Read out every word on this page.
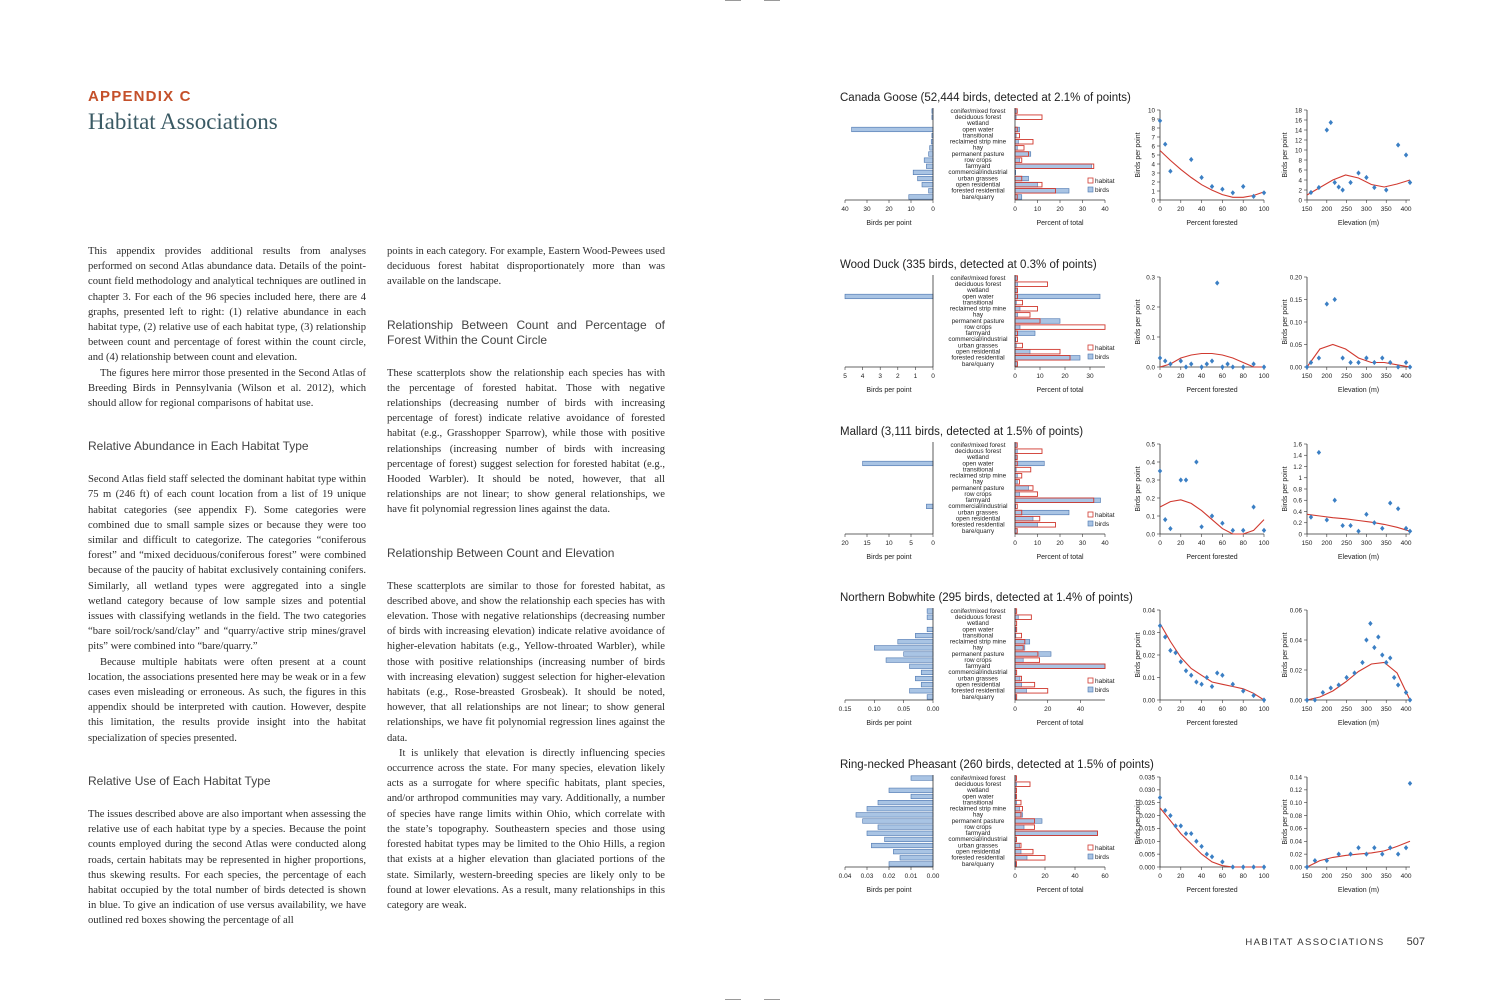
APPENDIX C
Habitat Associations

This appendix provides additional results from analyses performed on second Atlas abundance data. Details of the point-count field methodology and analytical techniques are outlined in chapter 3. For each of the 96 species included here, there are 4 graphs, presented left to right: (1) relative abundance in each habitat type, (2) relative use of each habitat type, (3) relationship between count and percentage of forest within the count circle, and (4) relationship between count and elevation.

The figures here mirror those presented in the Second Atlas of Breeding Birds in Pennsylvania (Wilson et al. 2012), which should allow for regional comparisons of habitat use.

Relative Abundance in Each Habitat Type

Second Atlas field staff selected the dominant habitat type within 75 m (246 ft) of each count location from a list of 19 unique habitat categories (see appendix F). Some categories were combined due to small sample sizes or because they were too similar and difficult to categorize. The categories “coniferous forest” and “mixed deciduous/coniferous forest” were combined because of the paucity of habitat exclusively containing conifers. Similarly, all wetland types were aggregated into a single wetland category because of low sample sizes and potential issues with classifying wetlands in the field. The two categories “bare soil/rock/sand/clay” and “quarry/active strip mines/gravel pits” were combined into “bare/quarry.”

Because multiple habitats were often present at a count location, the associations presented here may be weak or in a few cases even misleading or erroneous. As such, the figures in this appendix should be interpreted with caution. However, despite this limitation, the results provide insight into the habitat specialization of species presented.

Relative Use of Each Habitat Type

The issues described above are also important when assessing the relative use of each habitat type by a species. Because the point counts employed during the second Atlas were conducted along roads, certain habitats may be represented in higher proportions, thus skewing results. For each species, the percentage of each habitat occupied by the total number of birds detected is shown in blue. To give an indication of use versus availability, we have outlined red boxes showing the percentage of all

points in each category. For example, Eastern Wood-Pewees used deciduous forest habitat disproportionately more than was available on the landscape.

Relationship Between Count and Percentage of Forest Within the Count Circle

These scatterplots show the relationship each species has with the percentage of forested habitat. Those with negative relationships (decreasing number of birds with increasing percentage of forest) indicate relative avoidance of forested habitat (e.g., Grasshopper Sparrow), while those with positive relationships (increasing number of birds with increasing percentage of forest) suggest selection for forested habitat (e.g., Hooded Warbler). It should be noted, however, that all relationships are not linear; to show general relationships, we have fit polynomial regression lines against the data.

Relationship Between Count and Elevation

These scatterplots are similar to those for forested habitat, as described above, and show the relationship each species has with elevation. Those with negative relationships (decreasing number of birds with increasing elevation) indicate relative avoidance of higher-elevation habitats (e.g., Yellow-throated Warbler), while those with positive relationships (increasing number of birds with increasing elevation) suggest selection for higher-elevation habitats (e.g., Rose-breasted Grosbeak). It should be noted, however, that all relationships are not linear; to show general relationships, we have fit polynomial regression lines against the data.

It is unlikely that elevation is directly influencing species occurrence across the state. For many species, elevation likely acts as a surrogate for where specific habitats, plant species, and/or arthropod communities may vary. Additionally, a number of species have range limits within Ohio, which correlate with the state’s topography. Southeastern species and those using forested habitat types may be limited to the Ohio Hills, a region that exists at a higher elevation than glaciated portions of the state. Similarly, western-breeding species are likely only to be found at lower elevations. As a result, many relationships in this category are weak.

Canada Goose (52,444 birds, detected at 2.1% of points)
40 30 20 10	0
Birds per point
conifer/mixed forest
deciduous forest
wetland
open water
transitional
reclaimed strip mine
hay
permanent pasture
row crops
farmyard
commercial/industrial
urban grasses
open residential
forested residential
bare/quarry
0	10 20 30 40
Percent of total
habitat
birds
0
1
2
3
4
5
6
7
8
9
10
0 20 40 60 80 100
Percent forested
Birds per point
0
2
4
6
8
10
12
14
16
18
150 200 250 300 350 400
Elevation (m)
Birds per point
Wood Duck (335 birds, detected at 0.3% of points)
5 4 3 2 1 0
Birds per point
conifer/mixed forest
deciduous forest
wetland
open water
transitional
reclaimed strip mine
hay
permanent pasture
row crops
farmyard
commercial/industrial
urban grasses
open residential
forested residential
bare/quarry
0	10	20	30
Percent of total
habitat
birds
0.0
0.1
0.2
0.3
0 20 40 60 80 100
Percent forested
Birds per point
0.00
0.05
0.10
0.15
0.20
150 200 250 300 350 400
Elevation (m)
Birds per point
Mallard (3,111 birds, detected at 1.5% of points)
20 15 10	5	0
Birds per point
conifer/mixed forest
deciduous forest
wetland
open water
transitional
reclaimed strip mine
hay
permanent pasture
row crops
farmyard
commercial/industrial
urban grasses
open residential
forested residential
bare/quarry
0	10 20 30 40
Percent of total
habitat
birds
0.0
0.1
0.2
0.3
0.4
0.5
0 20 40 60 80 100
Percent forested
Birds per point
0
0.2
0.4
0.6
0.8
1
1.2
1.4
1.6
150 200 250 300 350 400
Elevation (m)
Birds per point
Northern Bobwhite (295 birds, detected at 1.4% of points)
0.15	0.10	0.05	0.00
Birds per point
conifer/mixed forest
deciduous forest
wetland
open water
transitional
reclaimed strip mine
hay
permanent pasture
row crops
farmyard
commercial/industrial
urban grasses
open residential
forested residential
bare/quarry
0	20	40
Percent of total
habitat
birds
0.00
0.01
0.02
0.03
0.04
0 20 40 60 80 100
Percent forested
Birds per point
0.00
0.02
0.04
0.06
150 200 250 300 350 400
Elevation (m)
Birds per point
Ring-necked Pheasant (260 birds, detected at 1.5% of points)
0.04 0.03 0.02 0.01 0.00
Birds per point
conifer/mixed forest
deciduous forest
wetland
open water
transitional
reclaimed strip mine
hay
permanent pasture
row crops
farmyard
commercial/industrial
urban grasses
open residential
forested residential
bare/quarry
0	20	40	60
Percent of total
habitat
birds
0.000
0.005
0.010
0.015
0.020
0.025
0.030
0.035
0 20 40 60 80 100
Percent forested
Birds per point
0.00
0.02
0.04
0.06
0.08
0.10
0.12
0.14
150 200 250 300 350 400
Elevation (m)
Birds per point
HABITAT ASSOCIATIONS 507
